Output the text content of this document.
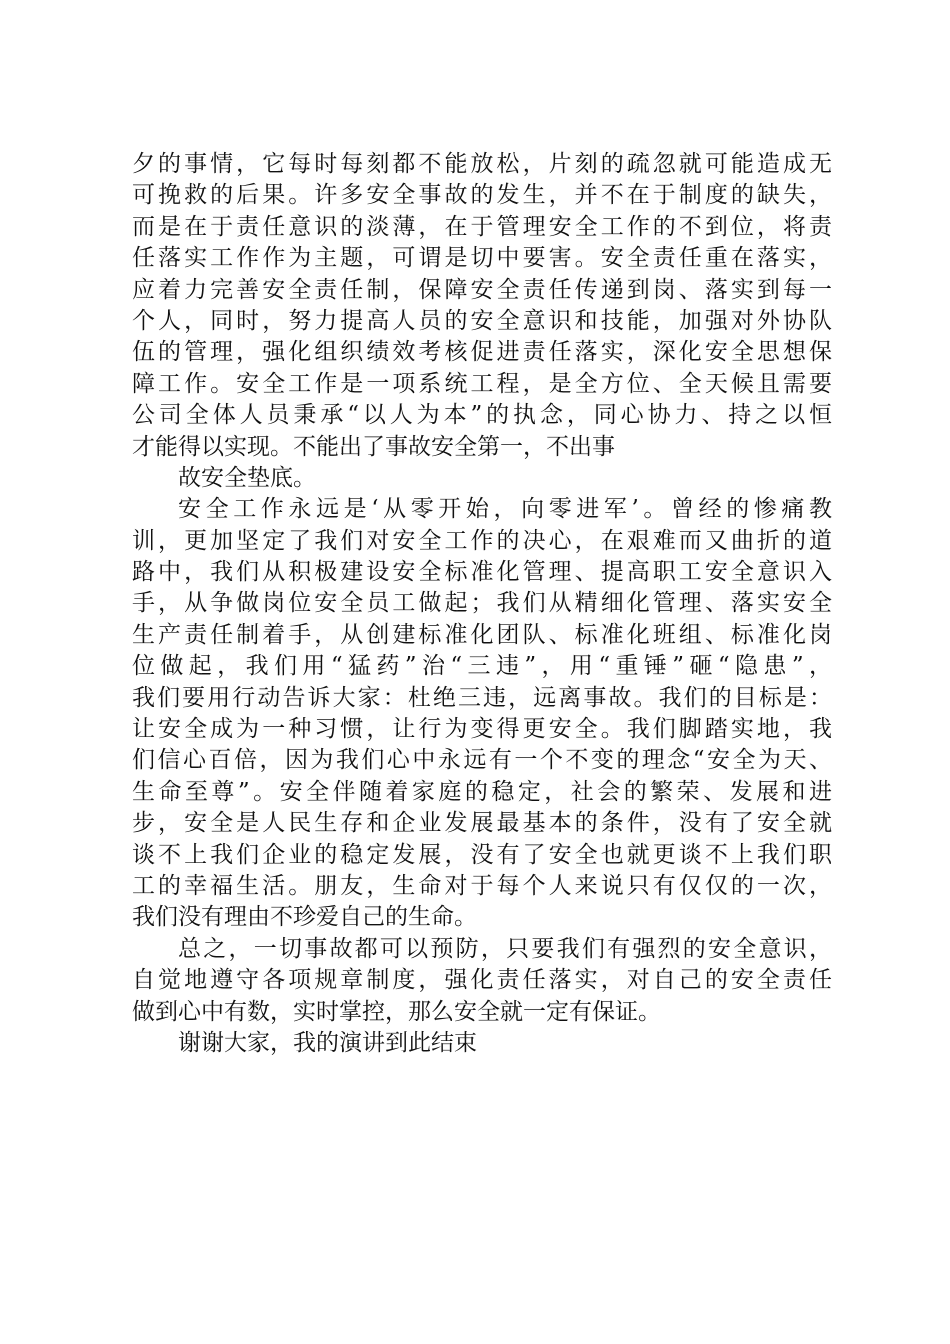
夕的事情，它每时每刻都不能放松，片刻的疏忽就可能造成无
可挽救的后果。许多安全事故的发生，并不在于制度的缺失，
而是在于责任意识的淡薄，在于管理安全工作的不到位，将责
任落实工作作为主题，可谓是切中要害。安全责任重在落实，
应着力完善安全责任制，保障安全责任传递到岗、落实到每一
个人，同时，努力提高人员的安全意识和技能，加强对外协队
伍的管理，强化组织绩效考核促进责任落实，深化安全思想保
障工作。安全工作是一项系统工程，是全方位、全天候且需要
公司全体人员秉承“以人为本”的执念，同心协力、持之以恒
才能得以实现。不能出了事故安全第一，不出事
故安全垫底。
安全工作永远是‘从零开始，向零进军’。曾经的惨痛教
训，更加坚定了我们对安全工作的决心，在艰难而又曲折的道
路中，我们从积极建设安全标准化管理、提高职工安全意识入
手，从争做岗位安全员工做起；我们从精细化管理、落实安全
生产责任制着手，从创建标准化团队、标准化班组、标准化岗
位做起，我们用“猛药”治“三违”，用“重锤”砸“隐患”，
我们要用行动告诉大家：杜绝三违，远离事故。我们的目标是：
让安全成为一种习惯，让行为变得更安全。我们脚踏实地，我
们信心百倍，因为我们心中永远有一个不变的理念“安全为天、
生命至尊”。安全伴随着家庭的稳定，社会的繁荣、发展和进
步，安全是人民生存和企业发展最基本的条件，没有了安全就
谈不上我们企业的稳定发展，没有了安全也就更谈不上我们职
工的幸福生活。朋友，生命对于每个人来说只有仅仅的一次，
我们没有理由不珍爱自己的生命。
总之，一切事故都可以预防，只要我们有强烈的安全意识，
自觉地遵守各项规章制度，强化责任落实，对自己的安全责任
做到心中有数，实时掌控，那么安全就一定有保证。
谢谢大家，我的演讲到此结束
